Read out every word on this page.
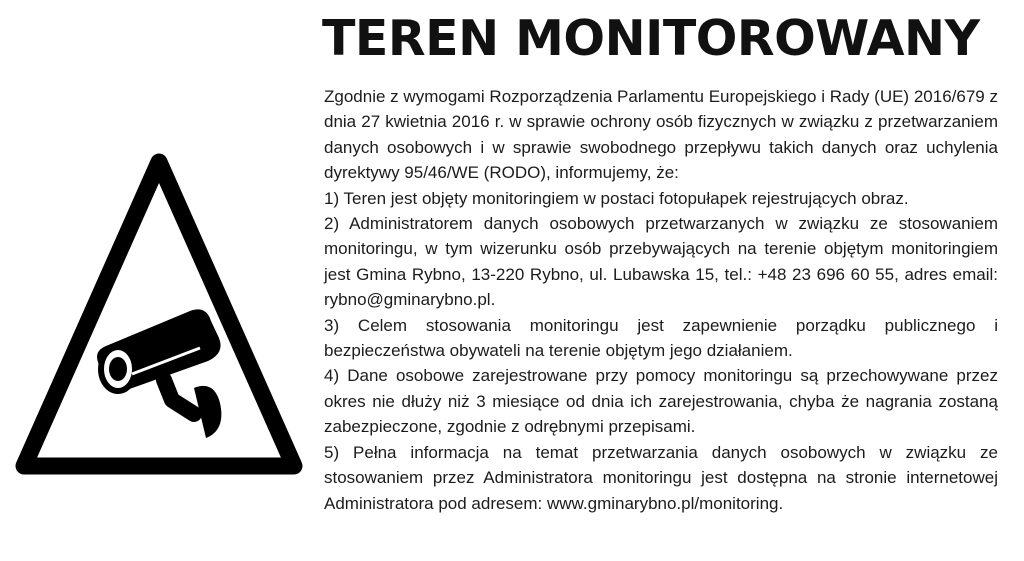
TEREN MONITOROWANY

Zgodnie z wymogami Rozporządzenia Parlamentu Europejskiego i Rady (UE) 2016/679 z dnia 27 kwietnia 2016 r. w sprawie ochrony osób fizycznych w związku z przetwarzaniem danych osobowych i w sprawie swobodnego przepływu takich danych oraz uchylenia dyrektywy 95/46/WE (RODO), informujemy, że:

1) Teren jest objęty monitoringiem w postaci fotopułapek rejestrujących obraz.

2) Administratorem danych osobowych przetwarzanych w związku ze stosowaniem monitoringu, w tym wizerunku osób przebywających na terenie objętym monitoringiem jest Gmina Rybno, 13-220 Rybno, ul. Lubawska 15, tel.: +48 23 696 60 55, adres email: rybno@gminarybno.pl.

3) Celem stosowania monitoringu jest zapewnienie porządku publicznego i bezpieczeństwa obywateli na terenie objętym jego działaniem.

4) Dane osobowe zarejestrowane przy pomocy monitoringu są przechowywane przez okres nie dłuży niż 3 miesiące od dnia ich zarejestrowania, chyba że nagrania zostaną zabezpieczone, zgodnie z odrębnymi przepisami.

5) Pełna informacja na temat przetwarzania danych osobowych w związku ze stosowaniem przez Administratora monitoringu jest dostępna na stronie internetowej Administratora pod adresem: www.gminarybno.pl/monitoring.
